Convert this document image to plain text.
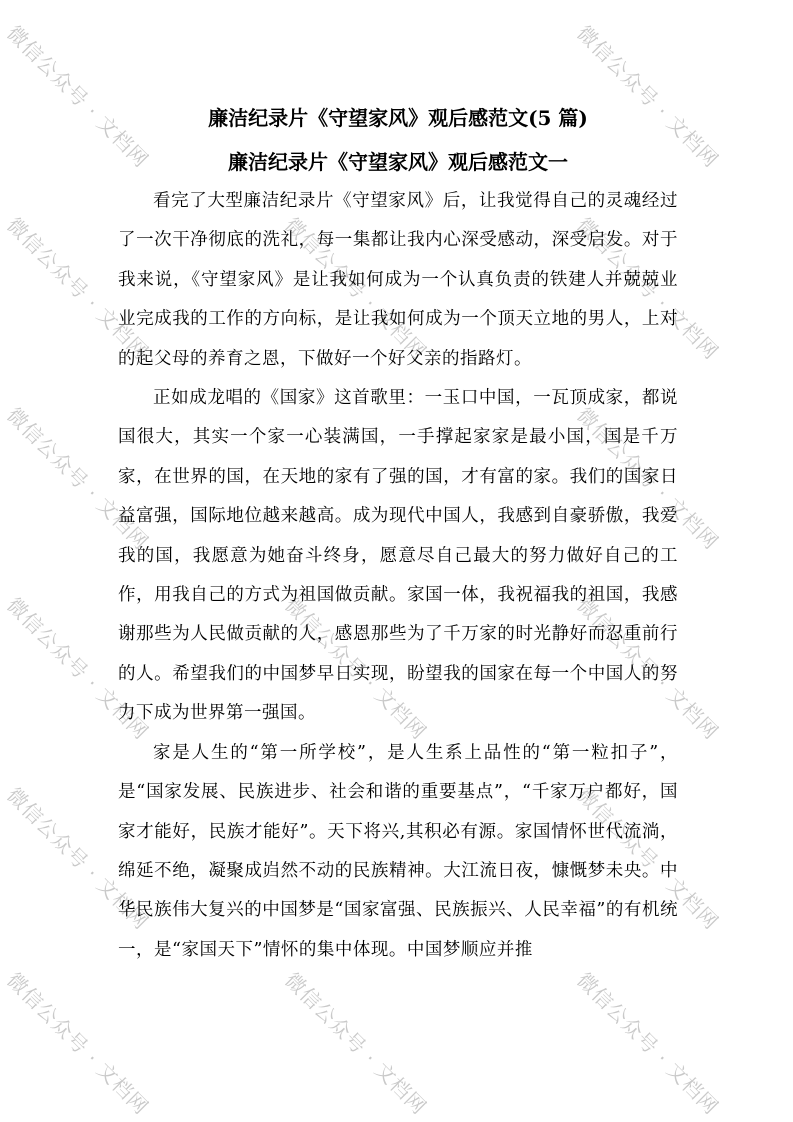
微信公众号 · 文档网	微信公众号 · 文档网
微信公众号 · 文档网	微信公众号 · 文档网	微信公众号 · 文档网
微信公众号 · 文档网	微信公众号 · 文档网
微信公众号 · 文档网	微信公众号 · 文档网	微信公众号 · 文档网
微信公众号 · 文档网	微信公众号 · 文档网
微信公众号 · 文档网	微信公众号 · 文档网	微信公众号 · 文档网
廉洁纪录片《守望家风》观后感范文(5 篇)
廉洁纪录片《守望家风》观后感范文一

看完了大型廉洁纪录片《守望家风》后，让我觉得自己的灵魂经过了一次干净彻底的洗礼，每一集都让我内心深受感动，深受启发。对于我来说，《守望家风》是让我如何成为一个认真负责的铁建人并兢兢业业完成我的工作的方向标，是让我如何成为一个顶天立地的男人，上对的起父母的养育之恩，下做好一个好父亲的指路灯。

正如成龙唱的《国家》这首歌里：一玉口中国，一瓦顶成家，都说国很大，其实一个家一心装满国，一手撑起家家是最小国，国是千万家，在世界的国，在天地的家有了强的国，才有富的家。我们的国家日益富强，国际地位越来越高。成为现代中国人，我感到自豪骄傲，我爱我的国，我愿意为她奋斗终身，愿意尽自己最大的努力做好自己的工作，用我自己的方式为祖国做贡献。家国一体，我祝福我的祖国，我感谢那些为人民做贡献的人，感恩那些为了千万家的时光静好而忍重前行的人。希望我们的中国梦早日实现，盼望我的国家在每一个中国人的努力下成为世界第一强国。

家是人生的“第一所学校”，是人生系上品性的“第一粒扣子”，是“国家发展、民族进步、社会和谐的重要基点”，“千家万户都好，国家才能好，民族才能好”。天下将兴,其积必有源。家国情怀世代流淌，绵延不绝，凝聚成岿然不动的民族精神。大江流日夜，慷慨梦未央。中华民族伟大复兴的中国梦是“国家富强、民族振兴、人民幸福”的有机统一，是“家国天下”情怀的集中体现。中国梦顺应并推
